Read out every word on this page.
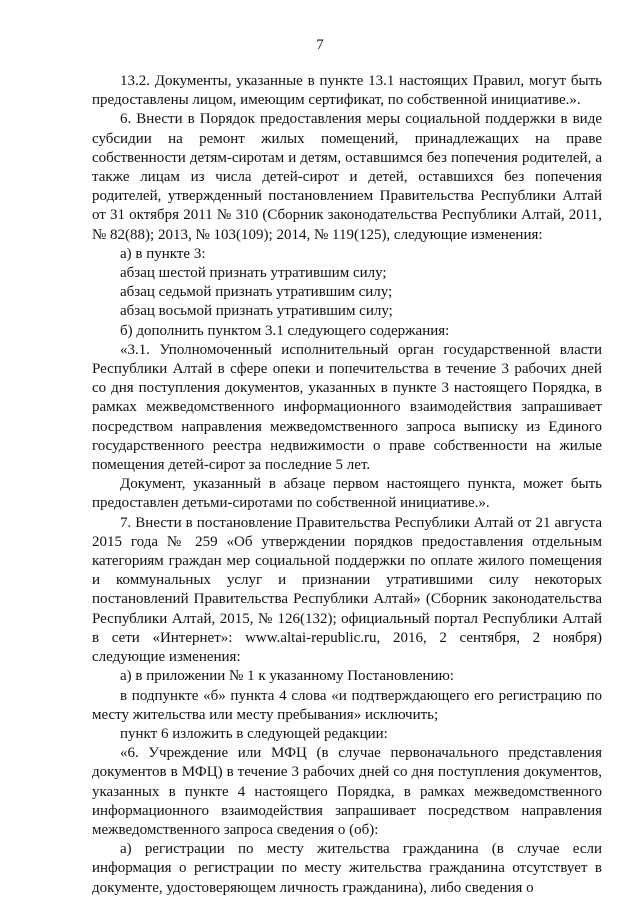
7

13.2. Документы, указанные в пункте 13.1 настоящих Правил, могут быть предоставлены лицом, имеющим сертификат, по собственной инициативе.».

6. Внести в Порядок предоставления меры социальной поддержки в виде субсидии на ремонт жилых помещений, принадлежащих на праве собственности детям-сиротам и детям, оставшимся без попечения родителей, а также лицам из числа детей-сирот и детей, оставшихся без попечения родителей, утвержденный постановлением Правительства Республики Алтай от 31 октября 2011 № 310 (Сборник законодательства Республики Алтай, 2011, № 82(88); 2013, № 103(109); 2014, № 119(125), следующие изменения:

а) в пункте 3:

абзац шестой признать утратившим силу;

абзац седьмой признать утратившим силу;

абзац восьмой признать утратившим силу;

б) дополнить пунктом 3.1 следующего содержания:

«3.1. Уполномоченный исполнительный орган государственной власти Республики Алтай в сфере опеки и попечительства в течение 3 рабочих дней со дня поступления документов, указанных в пункте 3 настоящего Порядка, в рамках межведомственного информационного взаимодействия запрашивает посредством направления межведомственного запроса выписку из Единого государственного реестра недвижимости о праве собственности на жилые помещения детей-сирот за последние 5 лет.

Документ, указанный в абзаце первом настоящего пункта, может быть предоставлен детьми-сиротами по собственной инициативе.».

7. Внести в постановление Правительства Республики Алтай от 21 августа 2015 года № 259 «Об утверждении порядков предоставления отдельным категориям граждан мер социальной поддержки по оплате жилого помещения и коммунальных услуг и признании утратившими силу некоторых постановлений Правительства Республики Алтай» (Сборник законодательства Республики Алтай, 2015, № 126(132); официальный портал Республики Алтай в сети «Интернет»: www.altai-republic.ru, 2016, 2 сентября, 2 ноября) следующие изменения:

а) в приложении № 1 к указанному Постановлению:

в подпункте «б» пункта 4 слова «и подтверждающего его регистрацию по месту жительства или месту пребывания» исключить;

пункт 6 изложить в следующей редакции:

«6. Учреждение или МФЦ (в случае первоначального представления документов в МФЦ) в течение 3 рабочих дней со дня поступления документов, указанных в пункте 4 настоящего Порядка, в рамках межведомственного информационного взаимодействия запрашивает посредством направления межведомственного запроса сведения о (об):

а) регистрации по месту жительства гражданина (в случае если информация о регистрации по месту жительства гражданина отсутствует в документе, удостоверяющем личность гражданина), либо сведения о
